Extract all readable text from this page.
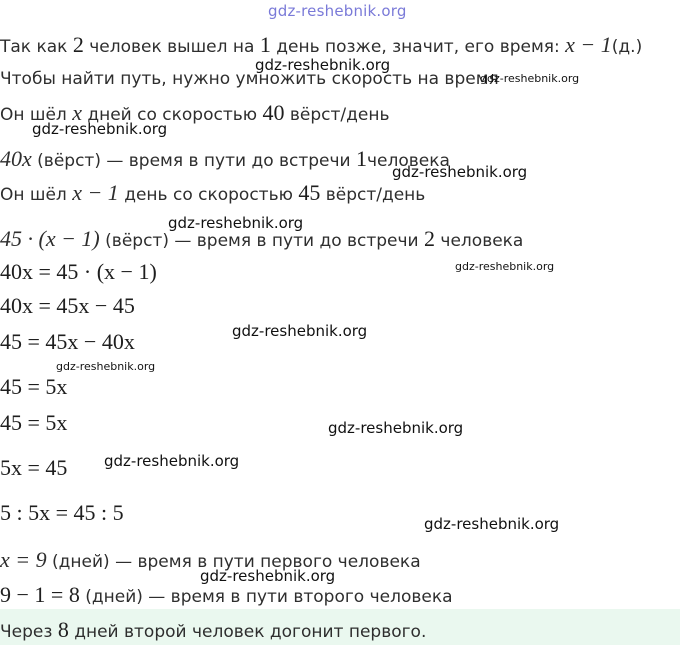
gdz-reshebnik.org
Так как 2 человек вышел на 1 день позже, значит, его время: x − 1(д.)
Чтобы найти путь, нужно умножить скорость на время
Он шёл x дней со скоростью 40 вёрст/день
40x (вёрст) — время в пути до встречи 1человека
Он шёл x − 1 день со скоростью 45 вёрст/день
45 · (x − 1) (вёрст) — время в пути до встречи 2 человека
40x = 45 · (x − 1)
40x = 45x − 45
45 = 45x − 40x
45 = 5x
45 = 5x
5x = 45
5 : 5x = 45 : 5
x = 9 (дней) — время в пути первого человека
9 − 1 = 8 (дней) — время в пути второго человека
Через 8 дней второй человек догонит первого.
gdz-reshebnik.org
gdz-reshebnik.org
gdz-reshebnik.org
gdz-reshebnik.org
gdz-reshebnik.org
gdz-reshebnik.org
gdz-reshebnik.org
gdz-reshebnik.org
gdz-reshebnik.org
gdz-reshebnik.org
gdz-reshebnik.org
gdz-reshebnik.org
